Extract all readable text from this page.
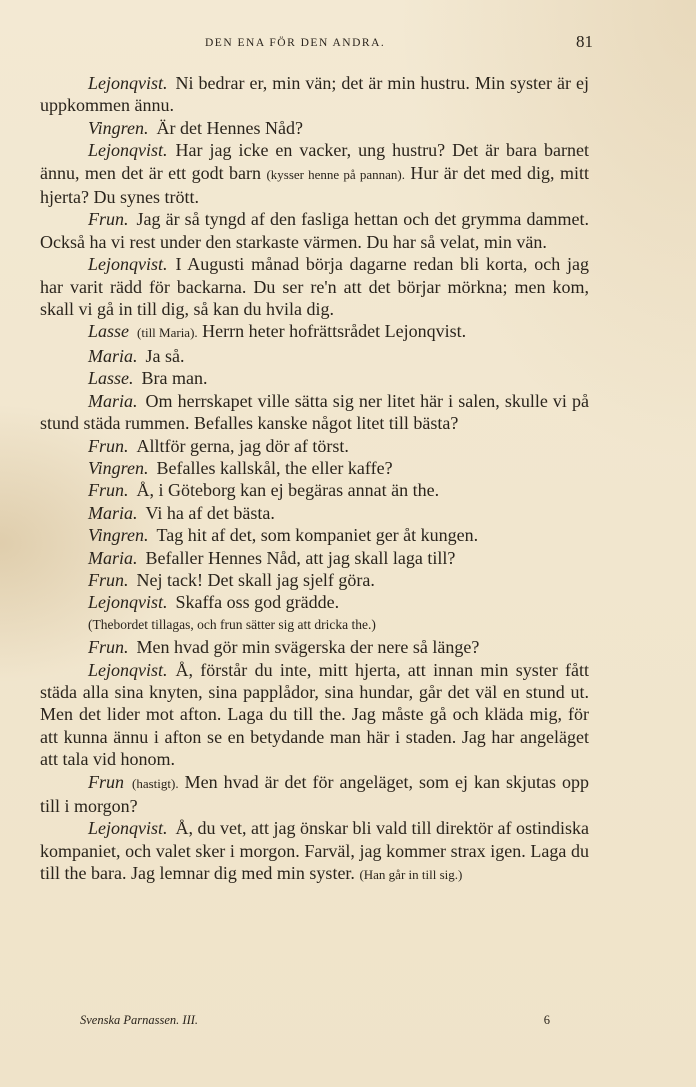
DEN ENA FÖR DEN ANDRA.	81

Lejonqvist. Ni bedrar er, min vän; det är min hustru. Min syster är ej uppkommen ännu.

Vingren. Är det Hennes Nåd?

Lejonqvist. Har jag icke en vacker, ung hustru? Det är bara barnet ännu, men det är ett godt barn (kysser henne på pannan). Hur är det med dig, mitt hjerta? Du synes trött.

Frun. Jag är så tyngd af den fasliga hettan och det grymma dammet. Också ha vi rest under den starkaste värmen. Du har så velat, min vän.

Lejonqvist. I Augusti månad börja dagarne redan bli korta, och jag har varit rädd för backarna. Du ser re'n att det börjar mörkna; men kom, skall vi gå in till dig, så kan du hvila dig.

Lasse (till Maria). Herrn heter hofrättsrådet Lejonqvist.

Maria. Ja så.

Lasse. Bra man.

Maria. Om herrskapet ville sätta sig ner litet här i salen, skulle vi på stund städa rummen. Befalles kanske något litet till bästa?

Frun. Alltför gerna, jag dör af törst.

Vingren. Befalles kallskål, the eller kaffe?

Frun. Å, i Göteborg kan ej begäras annat än the.

Maria. Vi ha af det bästa.

Vingren. Tag hit af det, som kompaniet ger åt kungen.

Maria. Befaller Hennes Nåd, att jag skall laga till?

Frun. Nej tack! Det skall jag sjelf göra.

Lejonqvist. Skaffa oss god grädde.

(Thebordet tillagas, och frun sätter sig att dricka the.)

Frun. Men hvad gör min svägerska der nere så länge?

Lejonqvist. Å, förstår du inte, mitt hjerta, att innan min syster fått städa alla sina knyten, sina papplådor, sina hundar, går det väl en stund ut. Men det lider mot afton. Laga du till the. Jag måste gå och kläda mig, för att kunna ännu i afton se en betydande man här i staden. Jag har angeläget att tala vid honom.

Frun (hastigt). Men hvad är det för angeläget, som ej kan skjutas opp till i morgon?

Lejonqvist. Å, du vet, att jag önskar bli vald till direktör af ostindiska kompaniet, och valet sker i morgon. Farväl, jag kommer strax igen. Laga du till the bara. Jag lemnar dig med min syster. (Han går in till sig.)

Svenska Parnassen. III.	6
